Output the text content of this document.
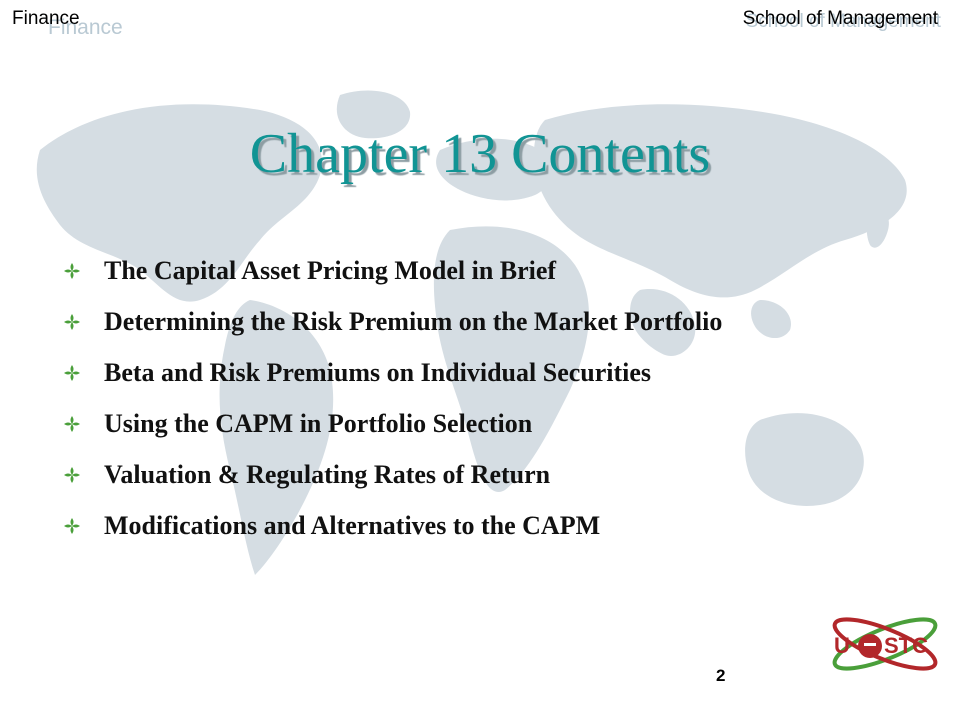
Finance
Finance	School of Management
Chapter 13 Contents
The Capital Asset Pricing Model in Brief
Determining the Risk Premium on the Market Portfolio
Beta and Risk Premiums on Individual Securities
Using the CAPM in Portfolio Selection
Valuation & Regulating Rates of Return
Modifications and Alternatives to the CAPM
U STC
2
